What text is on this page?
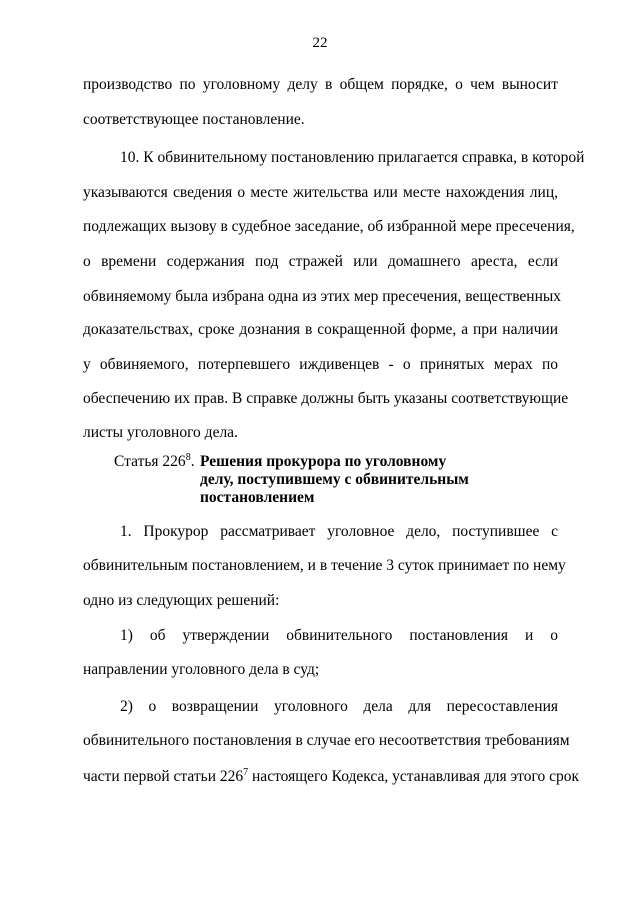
22
производство по уголовному делу в общем порядке, о чем выносит
соответствующее постановление.
10. К обвинительному постановлению прилагается справка, в которой
указываются сведения о месте жительства или месте нахождения лиц,
подлежащих вызову в судебное заседание, об избранной мере пресечения,
о времени содержания под стражей или домашнего ареста, если
обвиняемому была избрана одна из этих мер пресечения, вещественных
доказательствах, сроке дознания в сокращенной форме, а при наличии
у обвиняемого, потерпевшего иждивенцев - о принятых мерах по
обеспечению их прав. В справке должны быть указаны соответствующие
листы уголовного дела.
Статья $226^8$. Решения прокурора по уголовному
делу, поступившему с обвинительным
постановлением
1. Прокурор рассматривает уголовное дело, поступившее с
обвинительным постановлением, и в течение 3 суток принимает по нему
одно из следующих решений:
1) об утверждении обвинительного постановления и о
направлении уголовного дела в суд;
2) о возвращении уголовного дела для пересоставления
обвинительного постановления в случае его несоответствия требованиям
части первой статьи $226^7$ настоящего Кодекса, устанавливая для этого срок
